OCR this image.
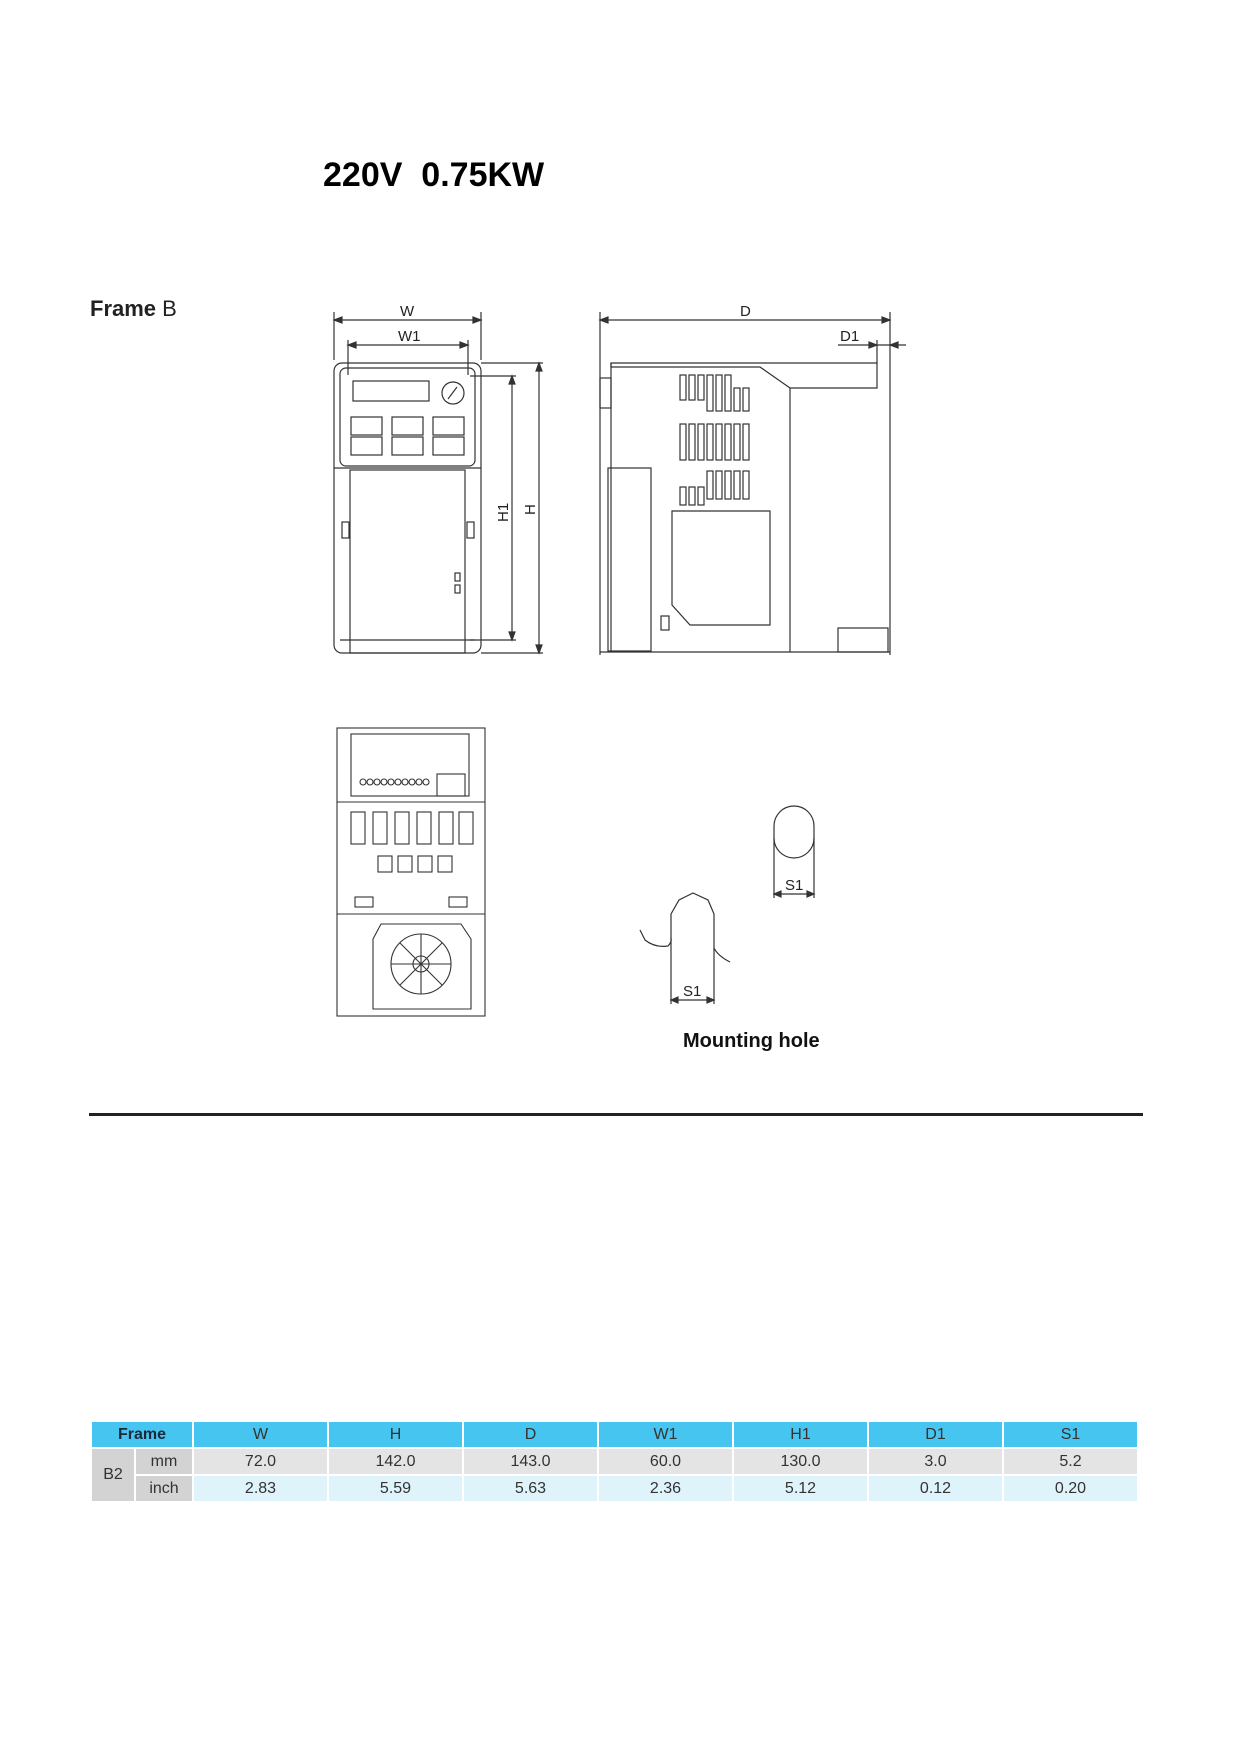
220V  0.75KW
Frame B	W
W1
H1 H
D
D1
S1
S1
Mounting hole
Frame		W	H	D	W1	H1	D1	S1
B2	mm	72.0	142.0	143.0	60.0	130.0	3.0	5.2
	inch	2.83	5.59	5.63	2.36	5.12	0.12	0.20
